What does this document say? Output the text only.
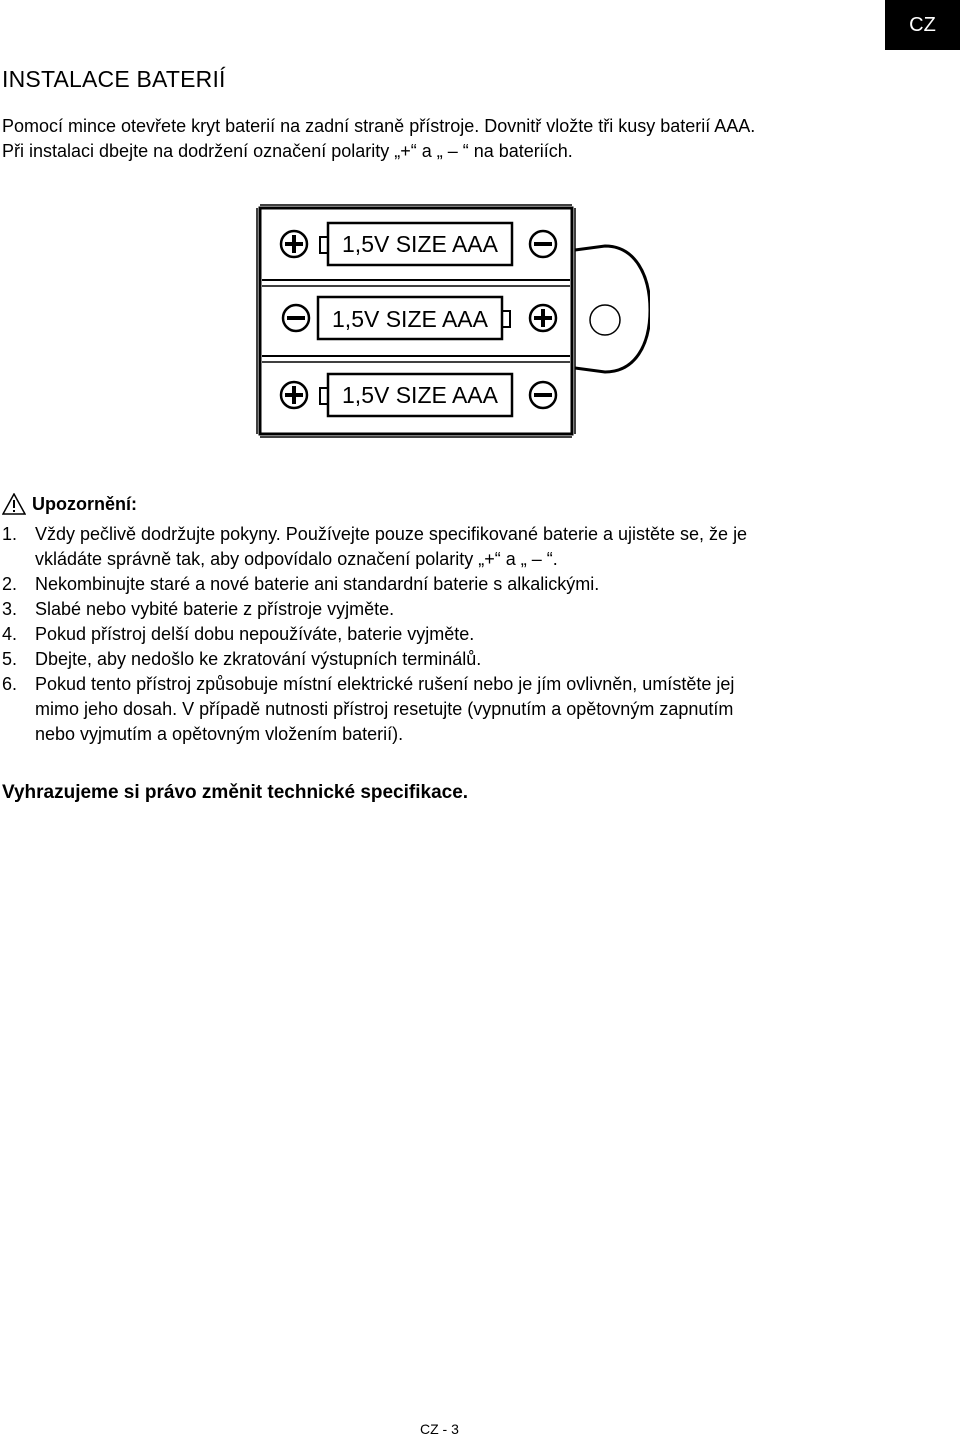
CZ
INSTALACE BATERIÍ

Pomocí mince otevřete kryt baterií na zadní straně přístroje. Dovnitř vložte tři kusy baterií AAA.
Při instalaci dbejte na dodržení označení polarity „+“ a „ – “ na bateriích.

1,5V SIZE AAA
1,5V SIZE AAA
1,5V SIZE AAA
Upozornění:
1. Vždy pečlivě dodržujte pokyny. Používejte pouze specifikované baterie a ujistěte se, že je
vkládáte správně tak, aby odpovídalo označení polarity „+“ a „ – “.
2. Nekombinujte staré a nové baterie ani standardní baterie s alkalickými.
3. Slabé nebo vybité baterie z přístroje vyjměte.
4. Pokud přístroj delší dobu nepoužíváte, baterie vyjměte.
5. Dbejte, aby nedošlo ke zkratování výstupních terminálů.
6. Pokud tento přístroj způsobuje místní elektrické rušení nebo je jím ovlivněn, umístěte jej
mimo jeho dosah. V případě nutnosti přístroj resetujte (vypnutím a opětovným zapnutím
nebo vyjmutím a opětovným vložením baterií).

Vyhrazujeme si právo změnit technické specifikace.

CZ - 3
